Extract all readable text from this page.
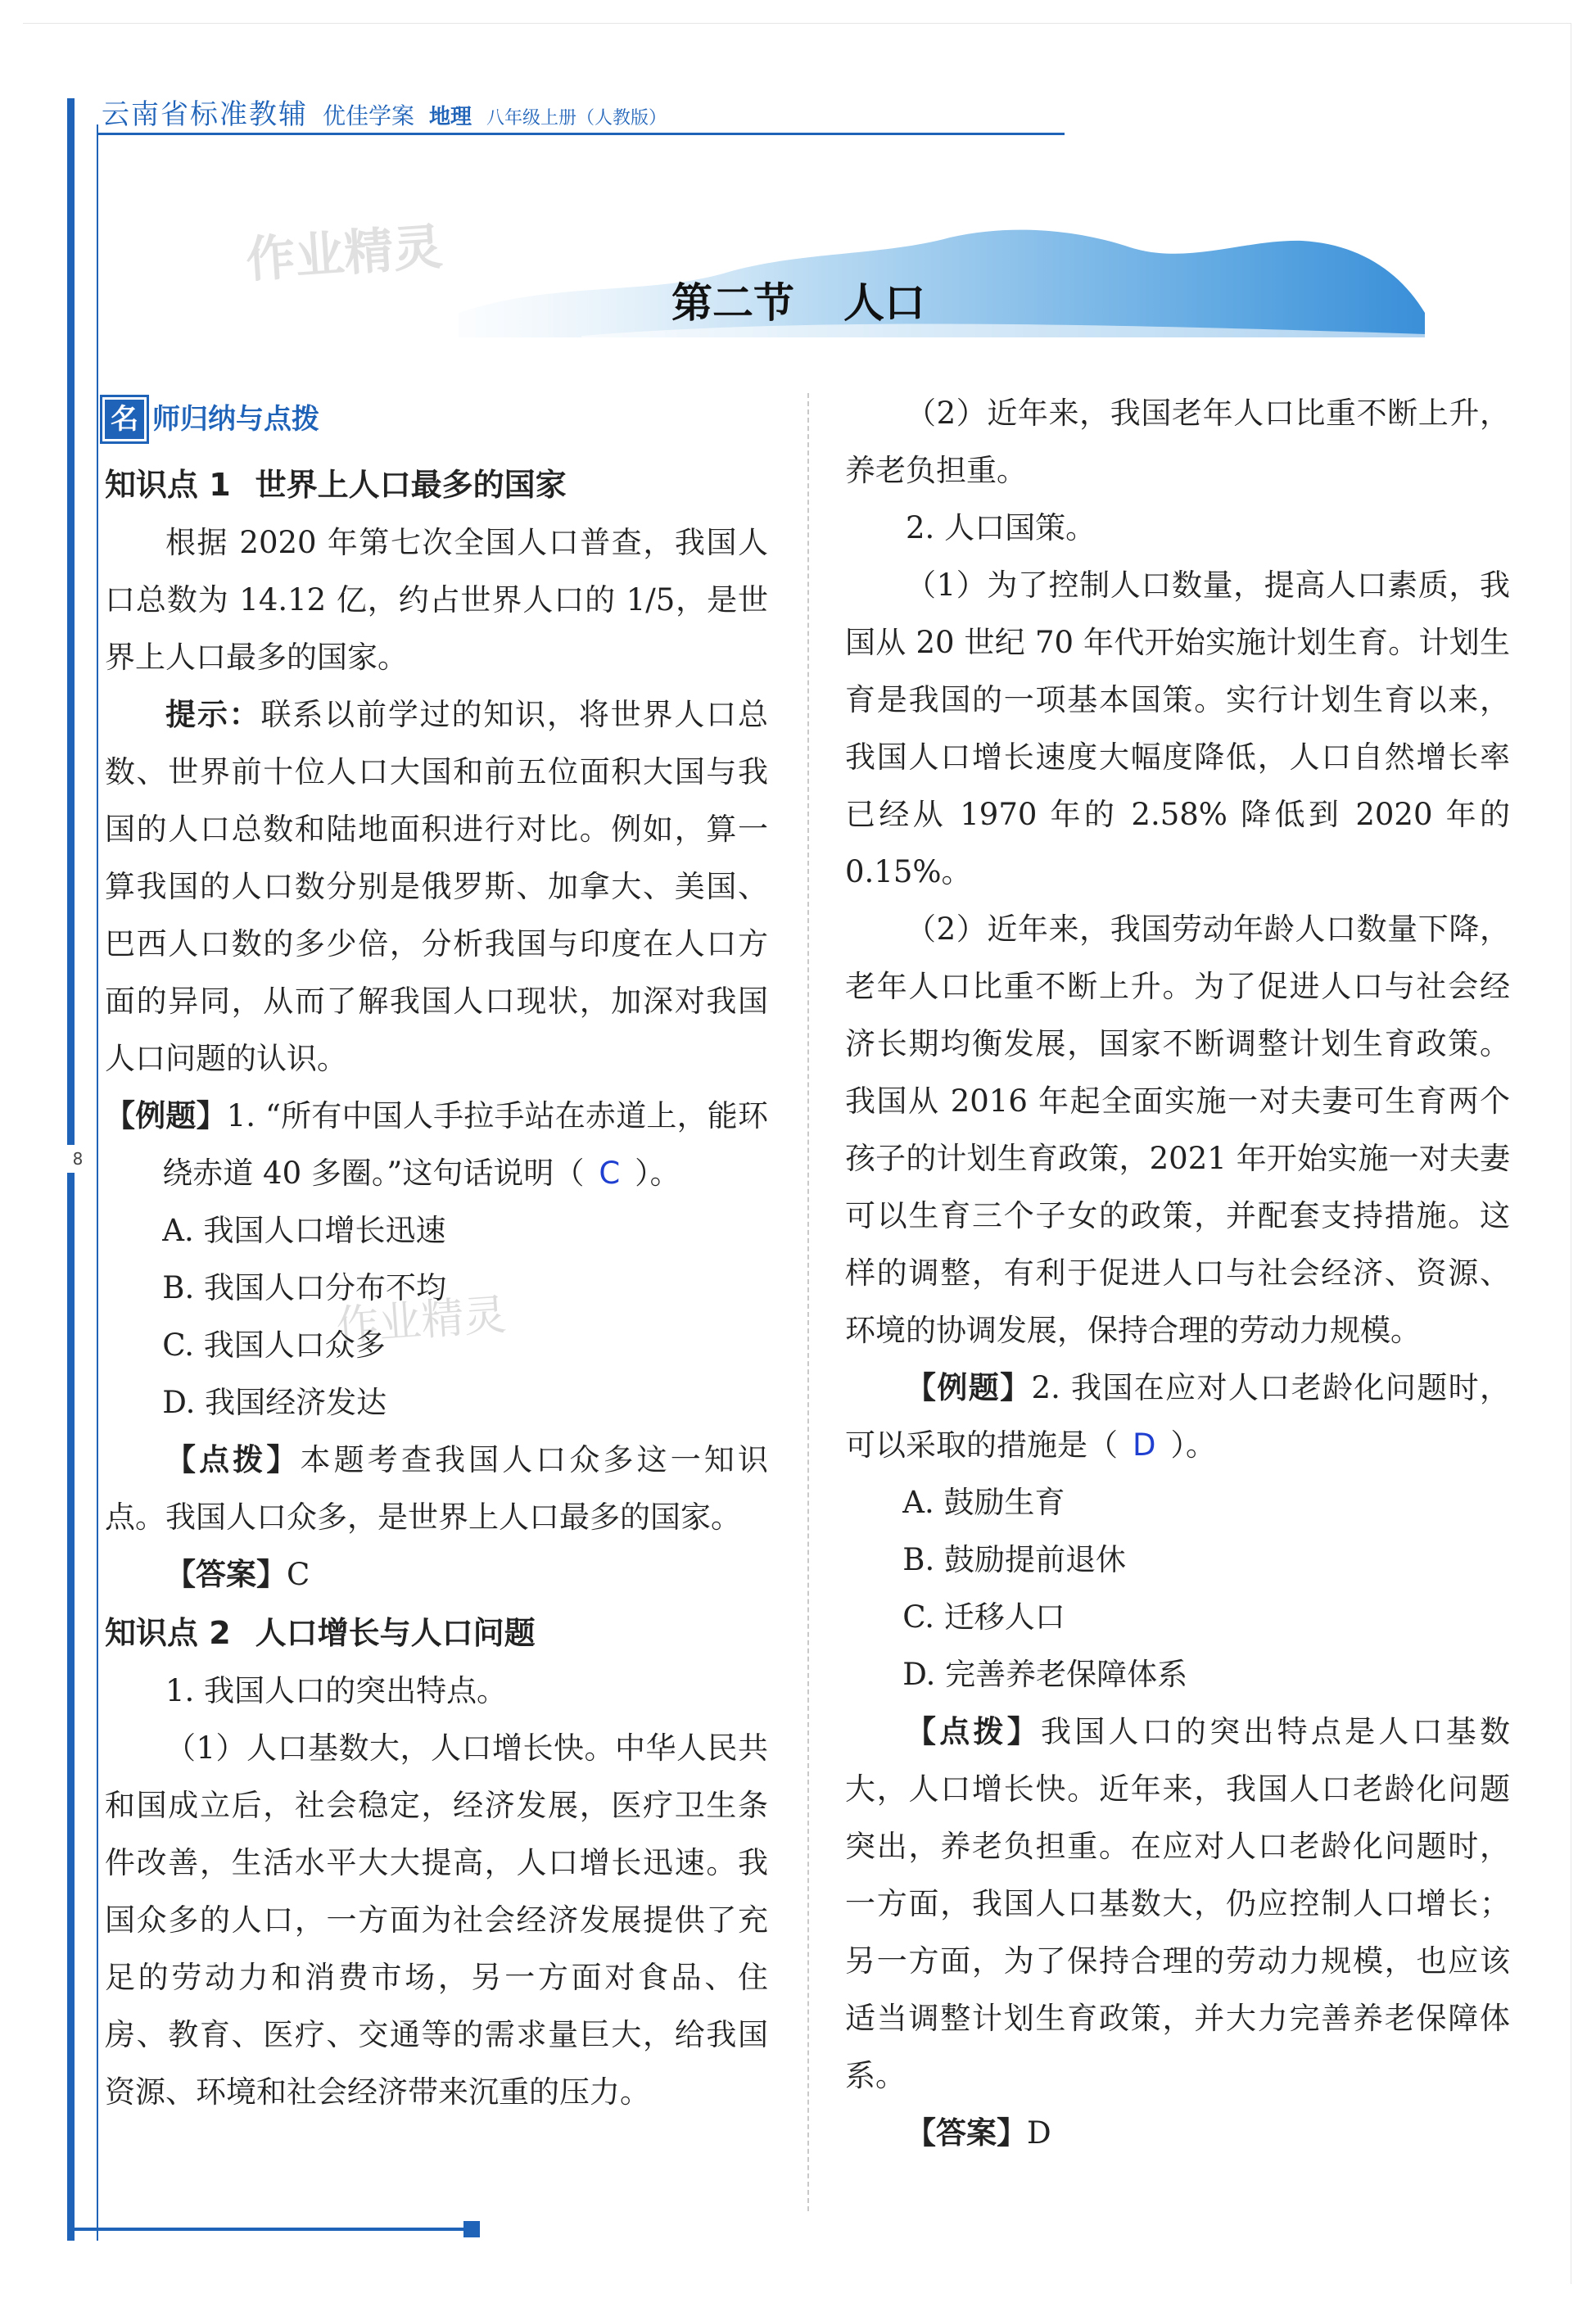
8
云南省标准教辅 优佳学案 地理 八年级上册（人教版）
第二节 人口
作业精灵
作业精灵
名 师归纳与点拨
知识点 1 世界上人口最多的国家

根据 2020 年第七次全国人口普查，我国人口总数为 14.12 亿，约占世界人口的 1/5，是世界上人口最多的国家。

提示：联系以前学过的知识，将世界人口总数、世界前十位人口大国和前五位面积大国与我国的人口总数和陆地面积进行对比。例如，算一算我国的人口数分别是俄罗斯、加拿大、美国、巴西人口数的多少倍，分析我国与印度在人口方面的异同，从而了解我国人口现状，加深对我国人口问题的认识。

【例题】1. “所有中国人手拉手站在赤道上，能环绕赤道 40 多圈。”这句话说明（ C ）。

A. 我国人口增长迅速

B. 我国人口分布不均

C. 我国人口众多

D. 我国经济发达

【点拨】本题考查我国人口众多这一知识点。我国人口众多，是世界上人口最多的国家。

【答案】C

知识点 2 人口增长与人口问题

1. 我国人口的突出特点。

（1）人口基数大，人口增长快。中华人民共和国成立后，社会稳定，经济发展，医疗卫生条件改善，生活水平大大提高，人口增长迅速。我国众多的人口，一方面为社会经济发展提供了充足的劳动力和消费市场，另一方面对食品、住房、教育、医疗、交通等的需求量巨大，给我国资源、环境和社会经济带来沉重的压力。

（2）近年来，我国老年人口比重不断上升，养老负担重。

2. 人口国策。

（1）为了控制人口数量，提高人口素质，我国从 20 世纪 70 年代开始实施计划生育。计划生育是我国的一项基本国策。实行计划生育以来，我国人口增长速度大幅度降低，人口自然增长率已经从 1970 年的 2.58% 降低到 2020 年的 0.15%。

（2）近年来，我国劳动年龄人口数量下降，老年人口比重不断上升。为了促进人口与社会经济长期均衡发展，国家不断调整计划生育政策。我国从 2016 年起全面实施一对夫妻可生育两个孩子的计划生育政策，2021 年开始实施一对夫妻可以生育三个子女的政策，并配套支持措施。这样的调整，有利于促进人口与社会经济、资源、环境的协调发展，保持合理的劳动力规模。

【例题】2. 我国在应对人口老龄化问题时，可以采取的措施是（ D ）。

A. 鼓励生育

B. 鼓励提前退休

C. 迁移人口

D. 完善养老保障体系

【点拨】我国人口的突出特点是人口基数大，人口增长快。近年来，我国人口老龄化问题突出，养老负担重。在应对人口老龄化问题时，一方面，我国人口基数大，仍应控制人口增长；另一方面，为了保持合理的劳动力规模，也应该适当调整计划生育政策，并大力完善养老保障体系。

【答案】D
